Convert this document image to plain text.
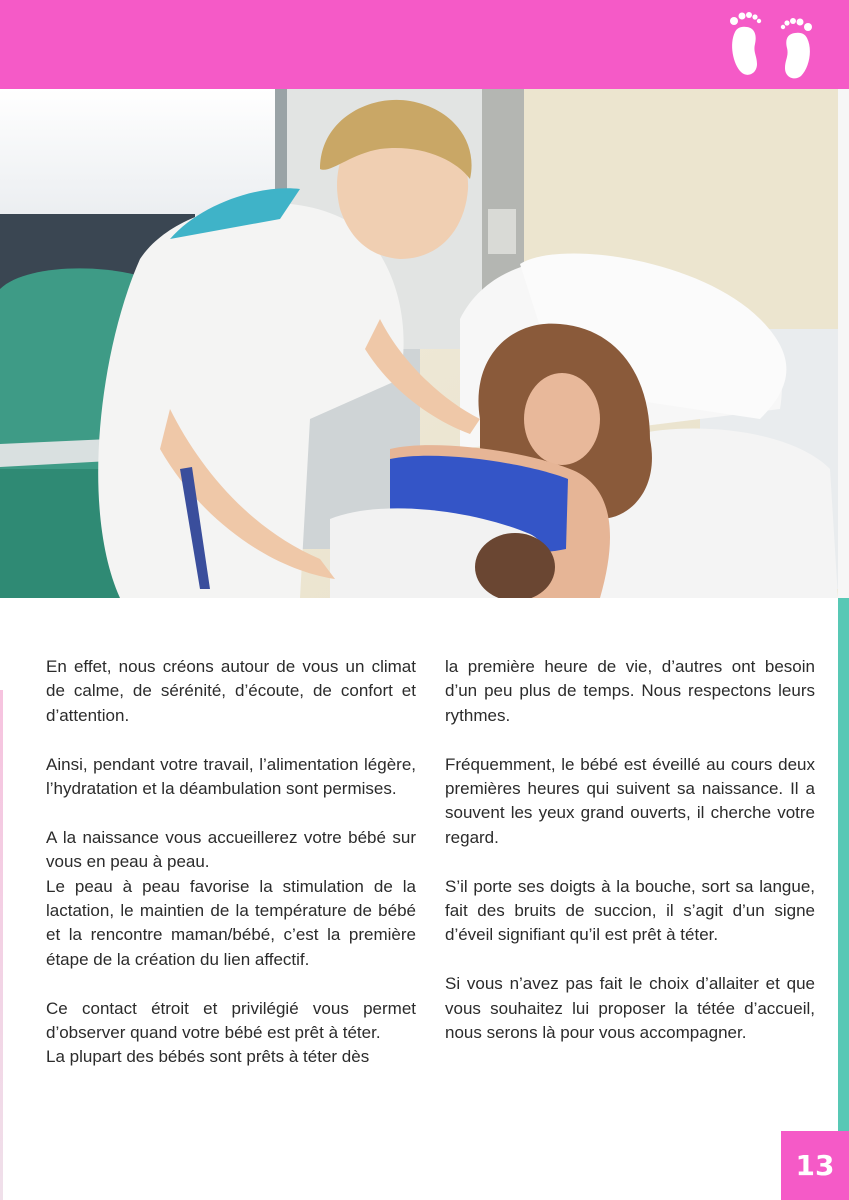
En effet, nous créons autour de vous un climat de calme, de sérénité, d’écoute, de confort et d’attention.

Ainsi, pendant votre travail, l’alimentation légère, l’hydratation et la déambulation sont permises.

A la naissance vous accueillerez votre bébé sur vous en peau à peau.

Le peau à peau favorise la stimulation de la lactation, le maintien de la température de bébé et la rencontre maman/bébé, c’est la première étape de la création du lien affectif.

Ce contact étroit et privilégié vous permet d’observer quand votre bébé est prêt à téter.

La plupart des bébés sont prêts à téter dès

la première heure de vie, d’autres ont besoin d’un peu plus de temps. Nous respectons leurs rythmes.

Fréquemment, le bébé est éveillé au cours deux premières heures qui suivent sa naissance. Il a souvent les yeux grand ouverts, il cherche votre regard.

S’il porte ses doigts à la bouche, sort sa langue, fait des bruits de succion, il s’agit d’un signe d’éveil signifiant qu’il est prêt à téter.

Si vous n’avez pas fait le choix d’allaiter et que vous souhaitez lui proposer la tétée d’accueil, nous serons là pour vous accompagner.

13
